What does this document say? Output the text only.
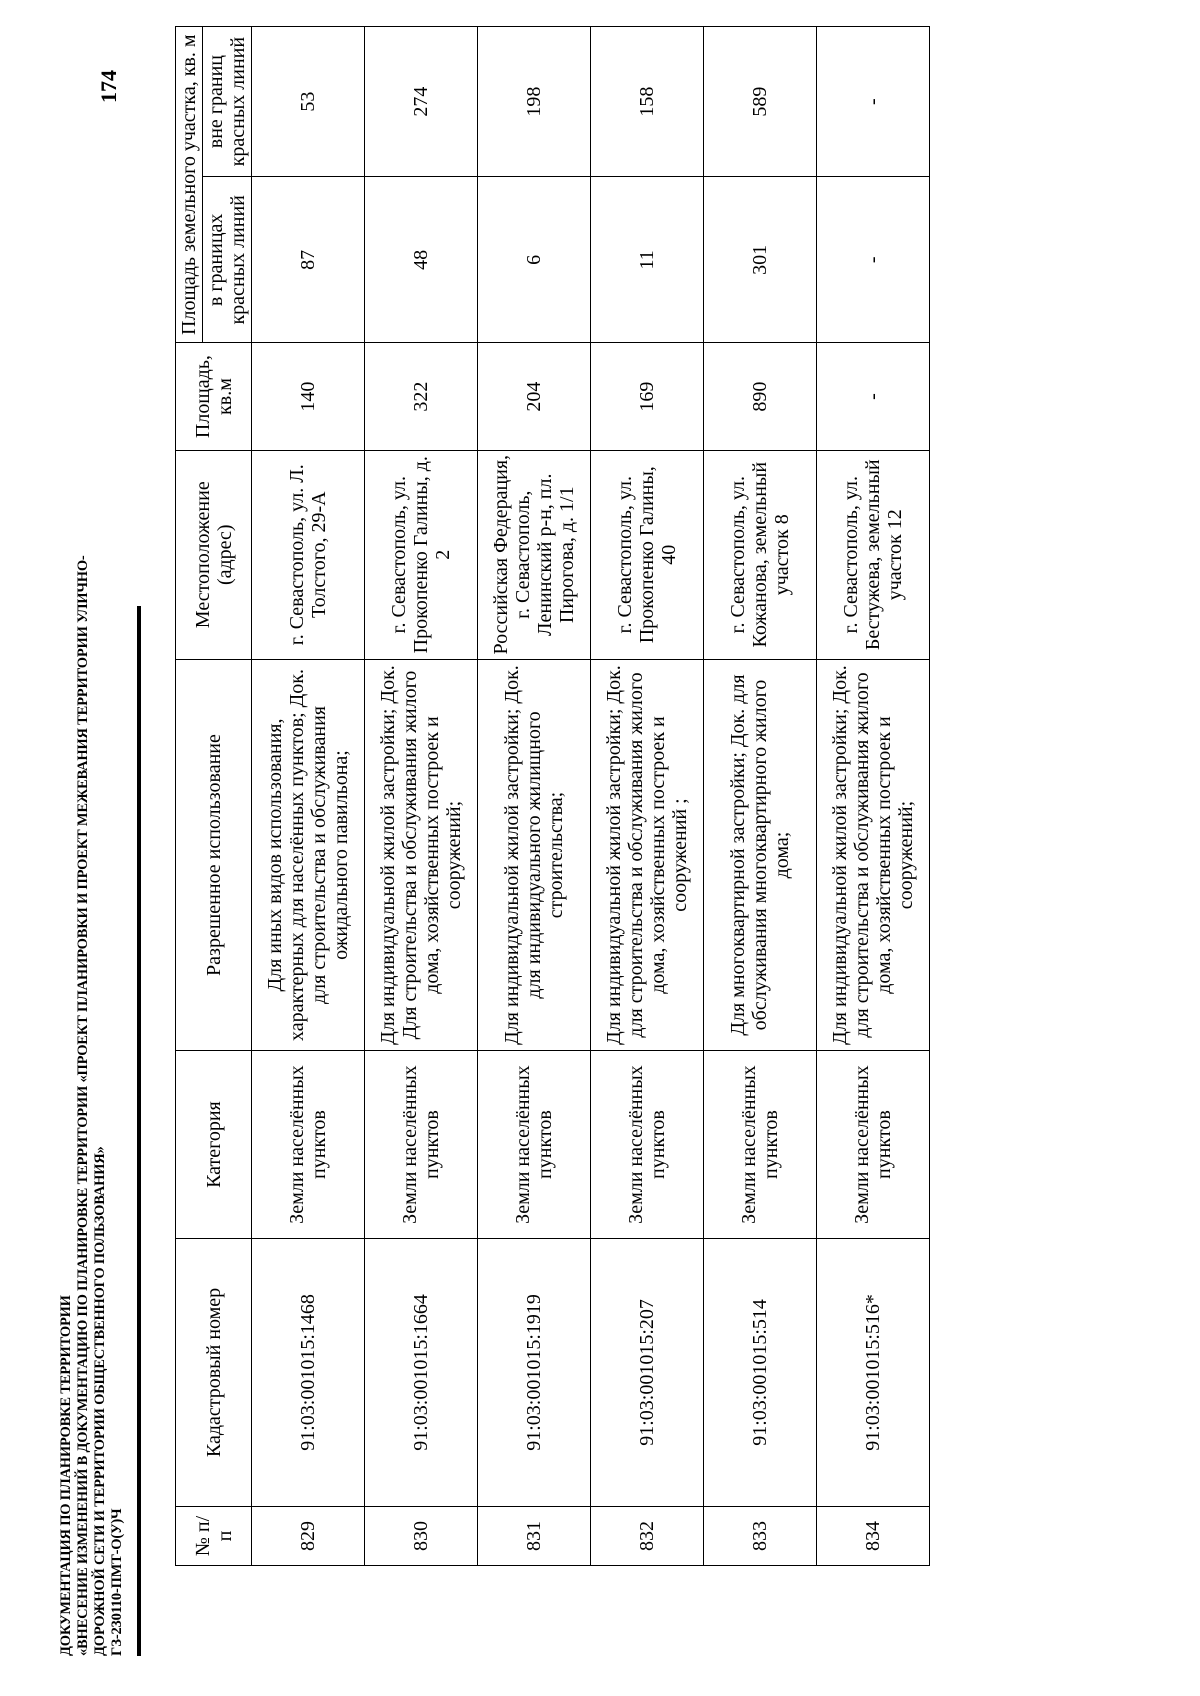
ДОКУМЕНТАЦИЯ ПО ПЛАНИРОВКЕ ТЕРРИТОРИИ «ВНЕСЕНИЕ ИЗМЕНЕНИЙ В ДОКУМЕНТАЦИЮ ПО ПЛАНИРОВКЕ ТЕРРИТОРИИ «ПРОЕКТ ПЛАНИРОВКИ И ПРОЕКТ МЕЖЕВАНИЯ ТЕРРИТОРИИ УЛИЧНО- ДОРОЖНОЙ СЕТИ И ТЕРРИТОРИИ ОБЩЕСТВЕННОГО ПОЛЬЗОВАНИЯ» ГЗ-230110-ПМТ-О(У)Ч
174
№ п/п	Кадастровый номер	Категория	Разрешенное использование	Местоположение (адрес)	Площадь, кв.м	Площадь земельного участка, кв. м	
						в границах красных линий	вне границ красных линий
829	91:03:001015:1468	Земли населённых пунктов	Для иных видов использования, характерных для населённых пунктов; Док. для строительства и обслуживания ожидального павильона;	г. Севастополь, ул. Л. Толстого, 29-А	140	87	53
830	91:03:001015:1664	Земли населённых пунктов	Для индивидуальной жилой застройки; Док. Для строительства и обслуживания жилого дома, хозяйственных построек и сооружений;	г. Севастополь, ул. Прокопенко Галины, д. 2	322	48	274
831	91:03:001015:1919	Земли населённых пунктов	Для индивидуальной жилой застройки; Док. для индивидуального жилищного строительства;	Российская Федерация, г. Севастополь, Ленинский р-н, пл. Пирогова, д. 1/1	204	6	198
832	91:03:001015:207	Земли населённых пунктов	Для индивидуальной жилой застройки; Док. для строительства и обслуживания жилого дома, хозяйственных построек и сооружений ;	г. Севастополь, ул. Прокопенко Галины, 40	169	11	158
833	91:03:001015:514	Земли населённых пунктов	Для многоквартирной застройки; Док. для обслуживания многоквартирного жилого дома;	г. Севастополь, ул. Кожанова, земельный участок 8	890	301	589
834	91:03:001015:516*	Земли населённых пунктов	Для индивидуальной жилой застройки; Док. для строительства и обслуживания жилого дома, хозяйственных построек и сооружений;	г. Севастополь, ул. Бестужева, земельный участок 12	-	-	-
